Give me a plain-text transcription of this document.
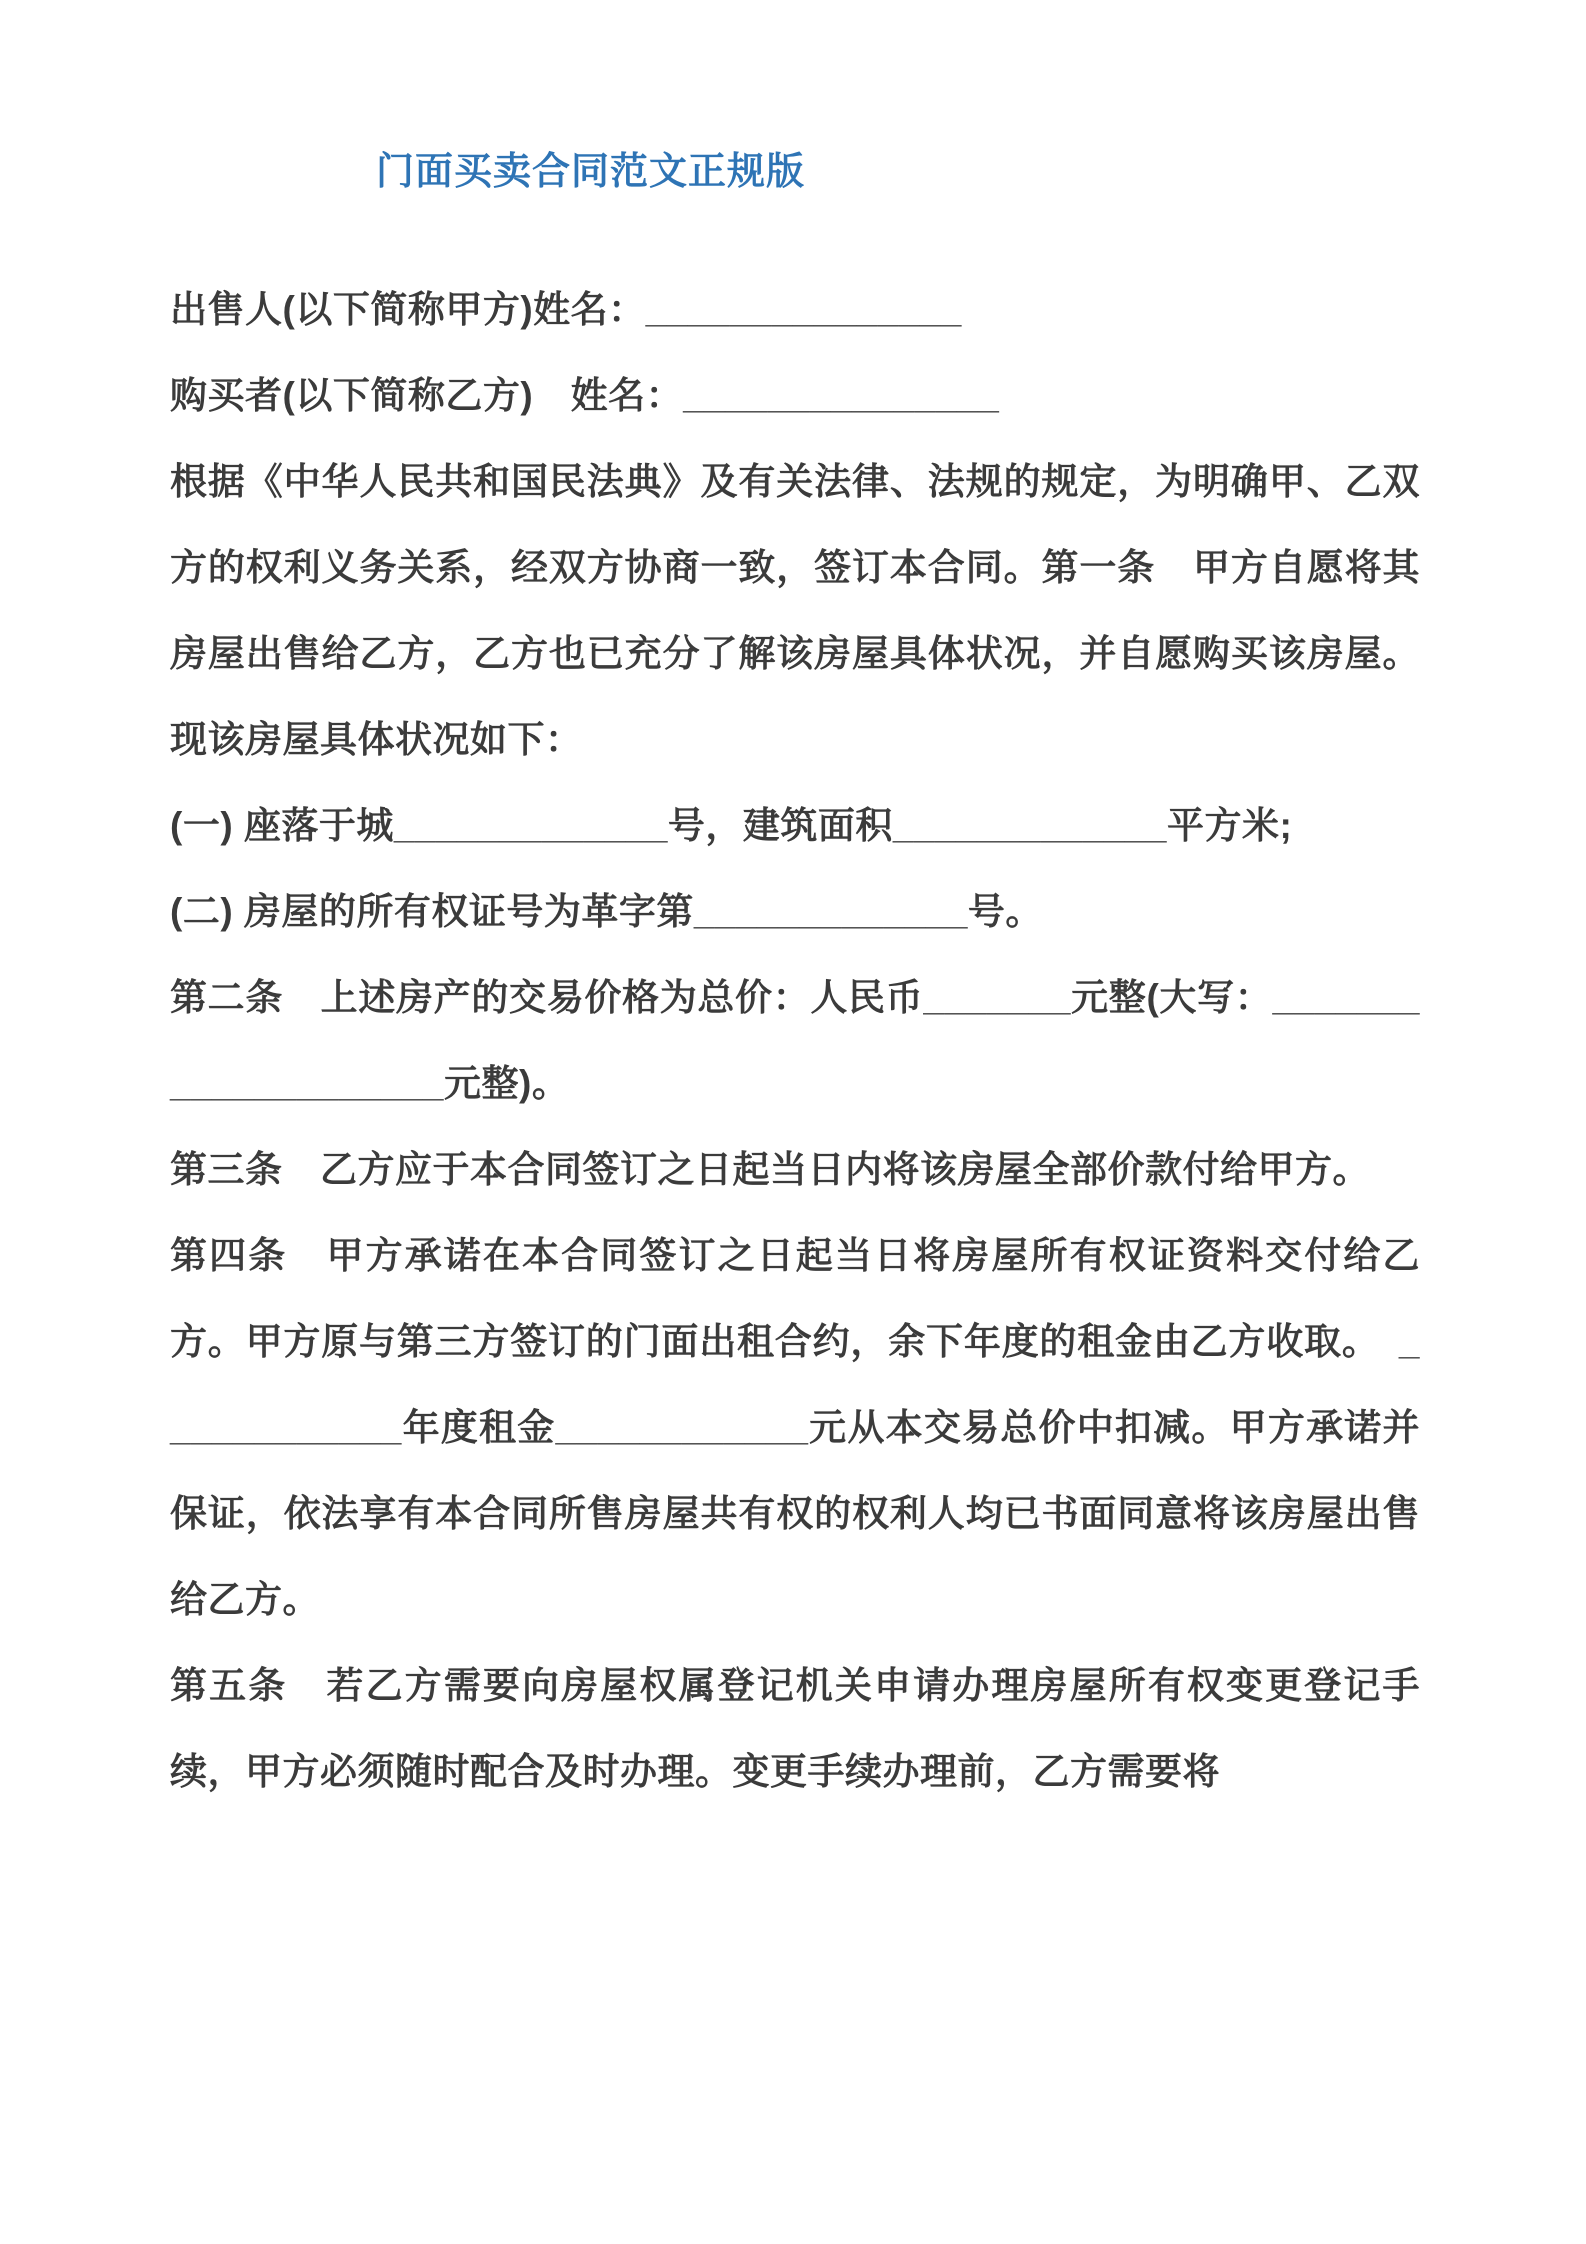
门面买卖合同范文正规版

出售人(以下简称甲方)姓名：_______________

购买者(以下简称乙方)　姓名：_______________

根据《中华人民共和国民法典》及有关法律、法规的规定，为明确甲、乙双方的权利义务关系，经双方协商一致，签订本合同。第一条　甲方自愿将其房屋出售给乙方，乙方也已充分了解该房屋具体状况，并自愿购买该房屋。现该房屋具体状况如下：

(一) 座落于城_____________号，建筑面积_____________平方米;

(二) 房屋的所有权证号为革字第_____________号。

第二条　上述房产的交易价格为总价：人民币_______元整(大写：____________________元整)。

第三条　乙方应于本合同签订之日起当日内将该房屋全部价款付给甲方。

第四条　甲方承诺在本合同签订之日起当日将房屋所有权证资料交付给乙方。甲方原与第三方签订的门面出租合约，余下年度的租金由乙方收取。　____________年度租金____________元从本交易总价中扣减。甲方承诺并保证，依法享有本合同所售房屋共有权的权利人均已书面同意将该房屋出售给乙方。

第五条　若乙方需要向房屋权属登记机关申请办理房屋所有权变更登记手续，甲方必须随时配合及时办理。变更手续办理前，乙方需要将
